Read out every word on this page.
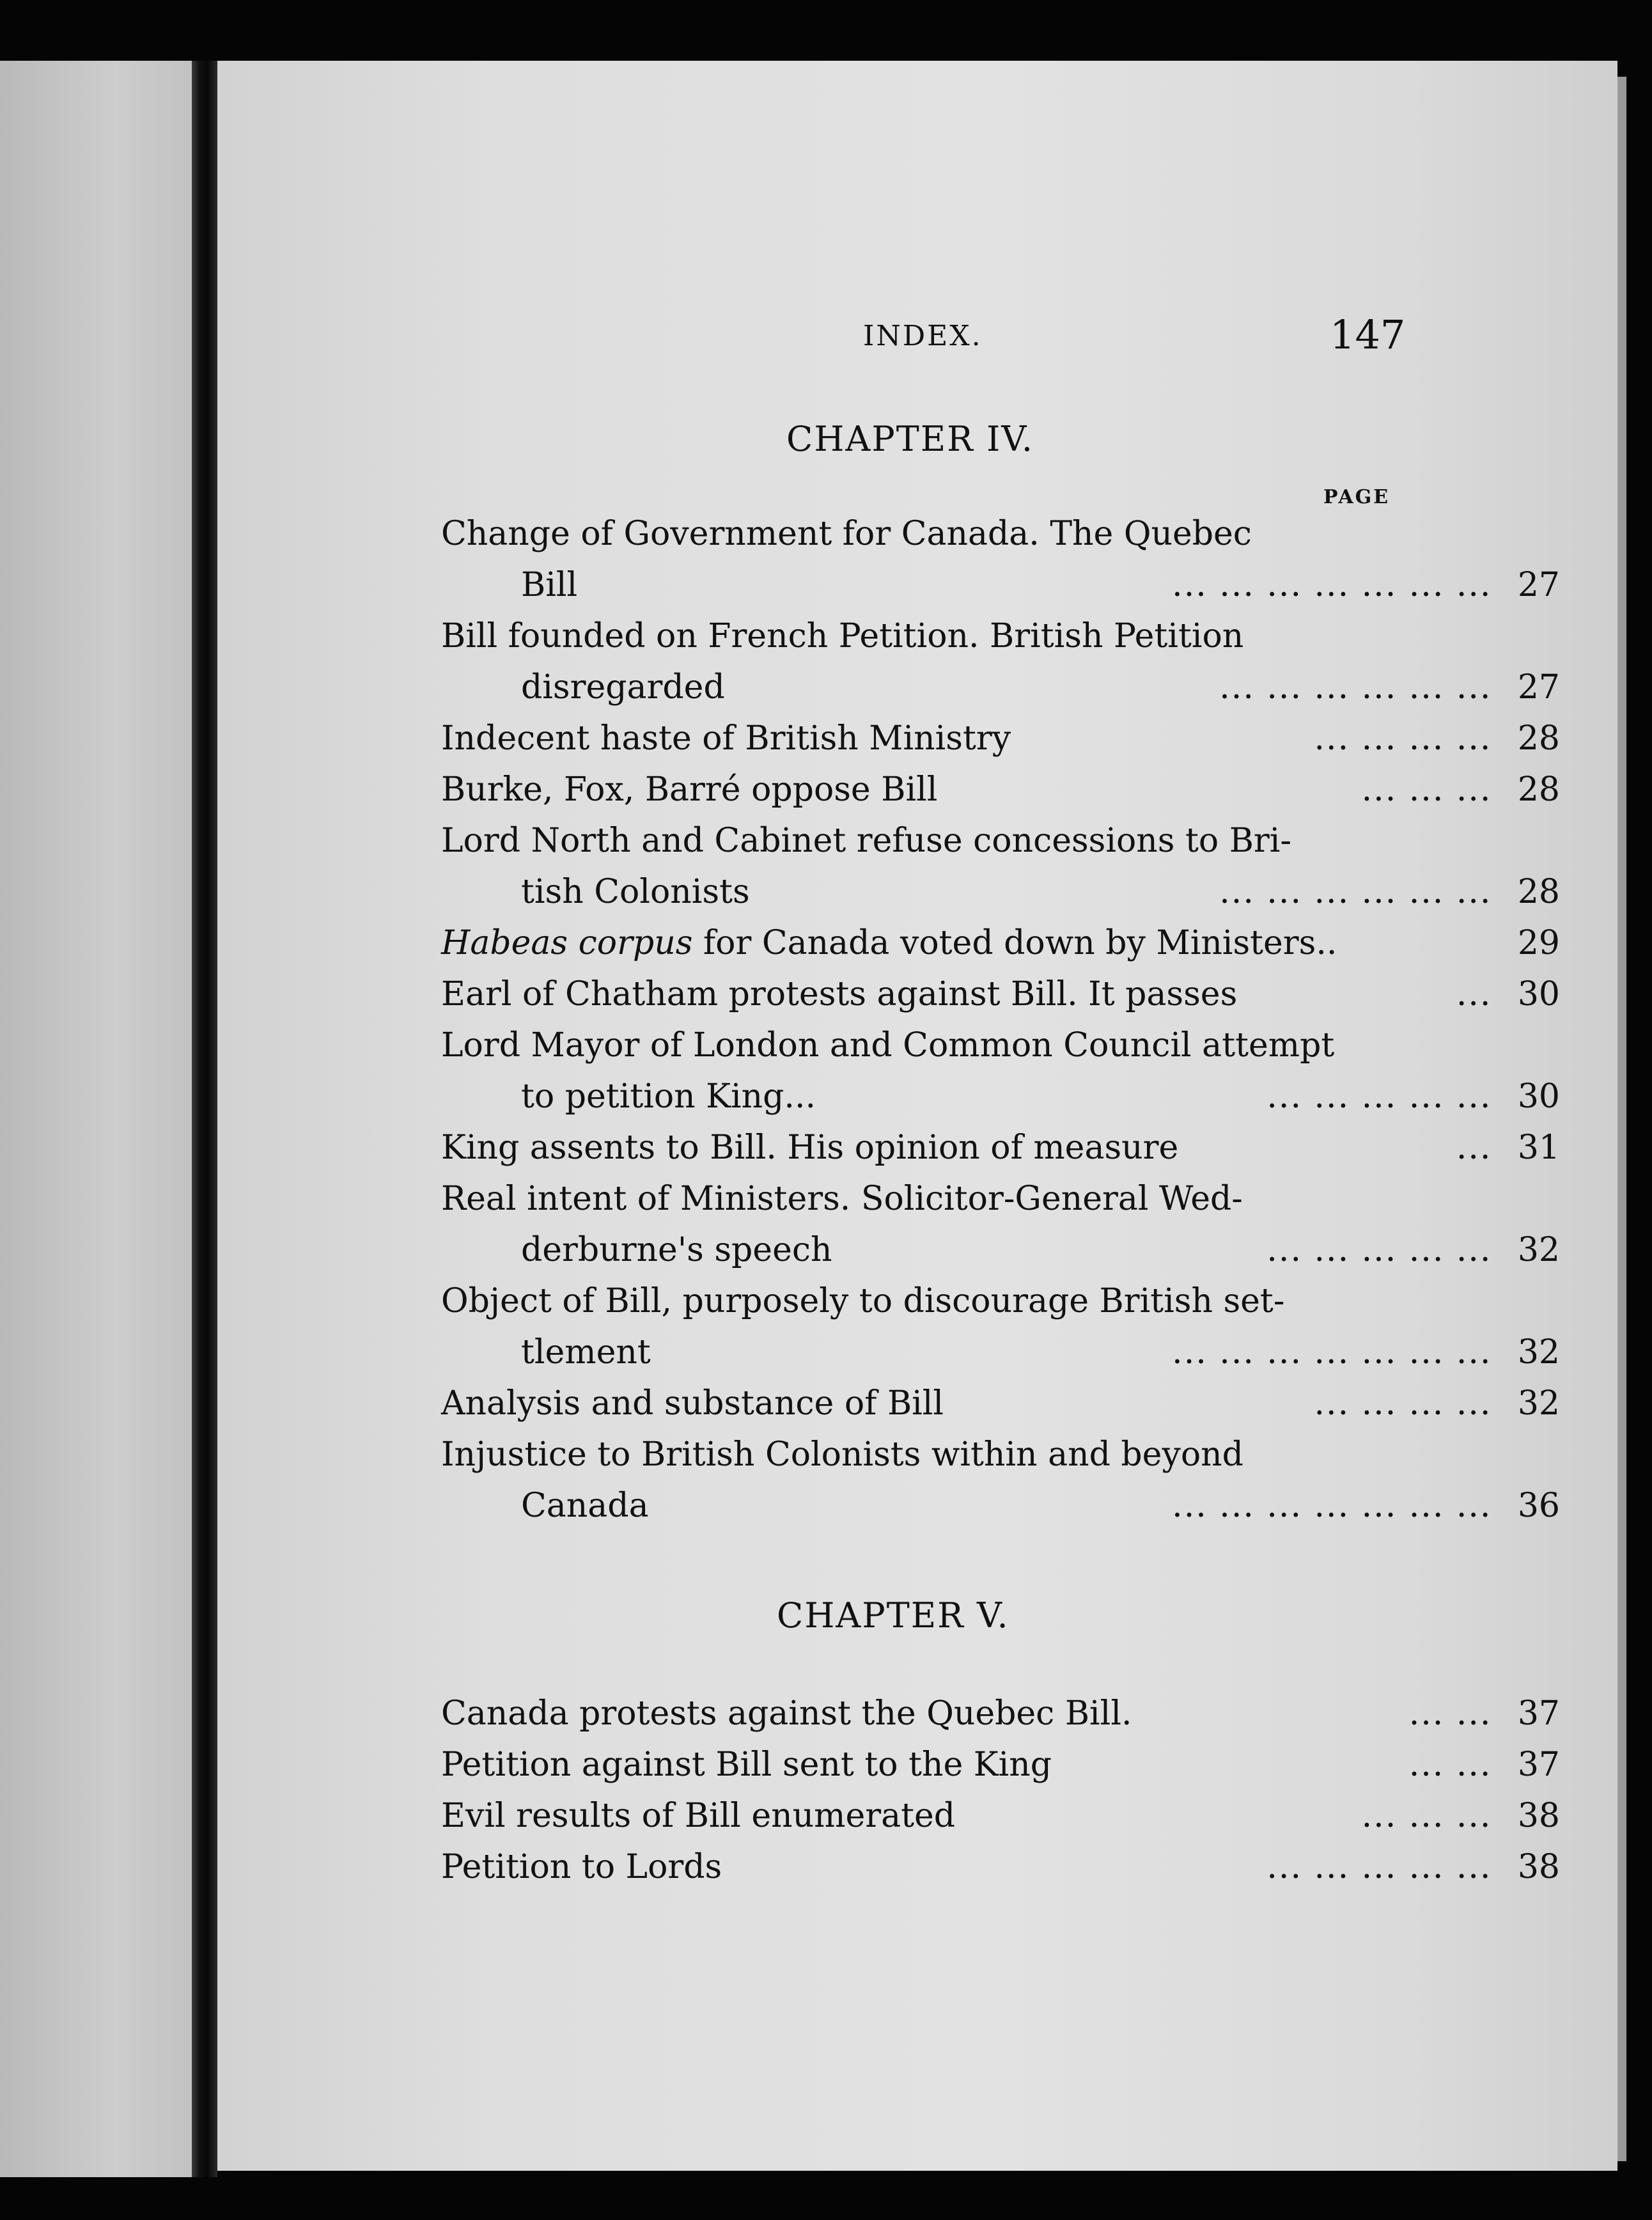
INDEX.	147
CHAPTER IV.
PAGE
Change of Government for Canada. The Quebec
Bill	... ... ... ... ... ... ... 27
Bill founded on French Petition. British Petition
disregarded	... ... ... ... ... ... 27
Indecent haste of British Ministry	... ... ... ... 28
Burke, Fox, Barré oppose Bill	... ... ... 28
Lord North and Cabinet refuse concessions to Bri-
tish Colonists	... ... ... ... ... ... 28
Habeas corpus for Canada voted down by Ministers..	29
Earl of Chatham protests against Bill. It passes	... 30
Lord Mayor of London and Common Council attempt
to petition King...	... ... ... ... ... 30
King assents to Bill. His opinion of measure	... 31
Real intent of Ministers. Solicitor-General Wed-
derburne's speech	... ... ... ... ... 32
Object of Bill, purposely to discourage British set-
tlement	... ... ... ... ... ... ... 32
Analysis and substance of Bill	... ... ... ... 32
Injustice to British Colonists within and beyond
Canada	... ... ... ... ... ... ... 36
CHAPTER V.
Canada protests against the Quebec Bill.	... ... 37
Petition against Bill sent to the King	... ... 37
Evil results of Bill enumerated	... ... ... 38
Petition to Lords	... ... ... ... ... 38
